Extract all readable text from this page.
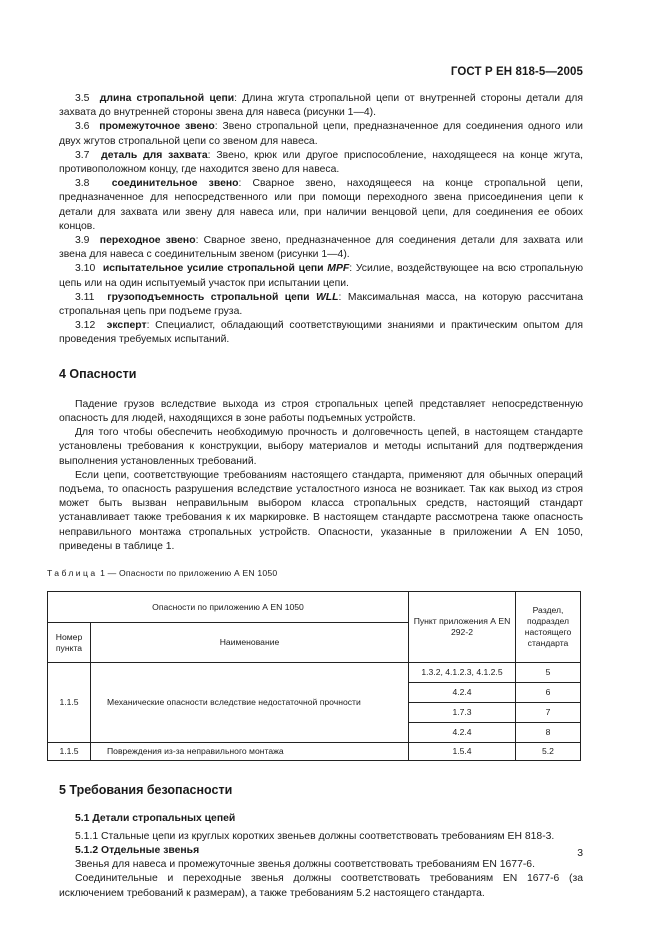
ГОСТ Р ЕН 818-5—2005

3.5 длина стропальной цепи: Длина жгута стропальной цепи от внутренней стороны детали для захвата до внутренней стороны звена для навеса (рисунки 1—4).

3.6 промежуточное звено: Звено стропальной цепи, предназначенное для соединения одного или двух жгутов стропальной цепи со звеном для навеса.

3.7 деталь для захвата: Звено, крюк или другое приспособление, находящееся на конце жгута, противоположном концу, где находится звено для навеса.

3.8 соединительное звено: Сварное звено, находящееся на конце стропальной цепи, предназначенное для непосредственного или при помощи переходного звена присоединения цепи к детали для захвата или звену для навеса или, при наличии венцовой цепи, для соединения ее обоих концов.

3.9 переходное звено: Сварное звено, предназначенное для соединения детали для захвата или звена для навеса с соединительным звеном (рисунки 1—4).

3.10 испытательное усилие стропальной цепи MPF: Усилие, воздействующее на всю стропальную цепь или на один испытуемый участок при испытании цепи.

3.11 грузоподъемность стропальной цепи WLL: Максимальная масса, на которую рассчитана стропальная цепь при подъеме груза.

3.12 эксперт: Специалист, обладающий соответствующими знаниями и практическим опытом для проведения требуемых испытаний.

4 Опасности

Падение грузов вследствие выхода из строя стропальных цепей представляет непосредственную опасность для людей, находящихся в зоне работы подъемных устройств.

Для того чтобы обеспечить необходимую прочность и долговечность цепей, в настоящем стандарте установлены требования к конструкции, выбору материалов и методы испытаний для подтверждения выполнения установленных требований.

Если цепи, соответствующие требованиям настоящего стандарта, применяют для обычных операций подъема, то опасность разрушения вследствие усталостного износа не возникает. Так как выход из строя может быть вызван неправильным выбором класса стропальных средств, настоящий стандарт устанавливает также требования к их маркировке. В настоящем стандарте рассмотрена также опасность неправильного монтажа стропальных устройств. Опасности, указанные в приложении А EN 1050, приведены в таблице 1.

Таблица 1 — Опасности по приложению А EN 1050

Опасности по приложению А EN 1050		Пункт приложения А EN 292-2	Раздел, подраздел настоящего стандарта
Номер пункта	Наименование		
1.1.5	Механические опасности вследствие недостаточной прочности	1.3.2, 4.1.2.3, 4.1.2.5	5
		4.2.4	6
		1.7.3	7
		4.2.4	8
1.1.5	Повреждения из-за неправильного монтажа	1.5.4	5.2
5 Требования безопасности
5.1 Детали стропальных цепей

5.1.1 Стальные цепи из круглых коротких звеньев должны соответствовать требованиям ЕН 818-3.

5.1.2 Отдельные звенья

Звенья для навеса и промежуточные звенья должны соответствовать требованиям EN 1677-6.

Соединительные и переходные звенья должны соответствовать требованиям EN 1677-6 (за исключением требований к размерам), а также требованиям 5.2 настоящего стандарта.

3
